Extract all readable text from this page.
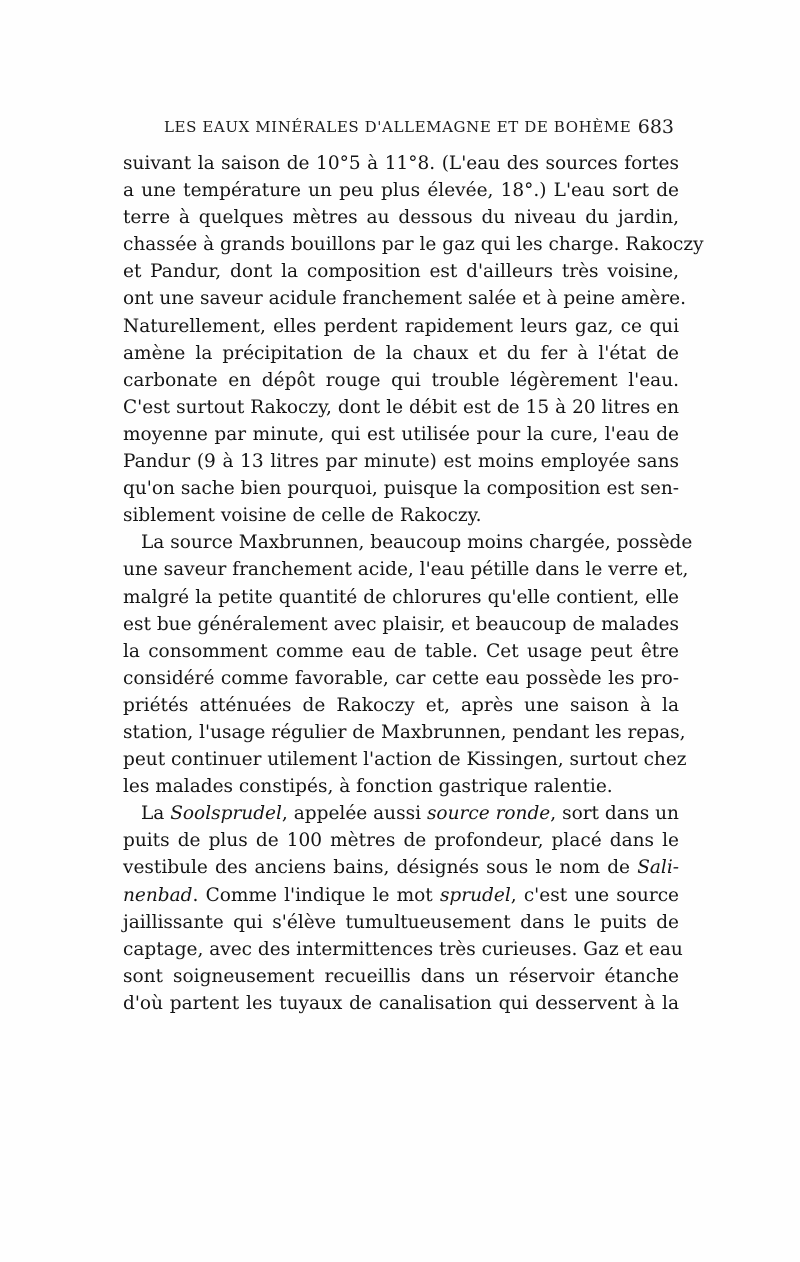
LES EAUX MINÉRALES D'ALLEMAGNE ET DE BOHÈME 683
suivant la saison de 10°5 à 11°8. (L'eau des sources fortes
a une température un peu plus élevée, 18°.) L'eau sort de
terre à quelques mètres au dessous du niveau du jardin,
chassée à grands bouillons par le gaz qui les charge. Rakoczy
et Pandur, dont la composition est d'ailleurs très voisine,
ont une saveur acidule franchement salée et à peine amère.
Naturellement, elles perdent rapidement leurs gaz, ce qui
amène la précipitation de la chaux et du fer à l'état de
carbonate en dépôt rouge qui trouble légèrement l'eau.
C'est surtout Rakoczy, dont le débit est de 15 à 20 litres en
moyenne par minute, qui est utilisée pour la cure, l'eau de
Pandur (9 à 13 litres par minute) est moins employée sans
qu'on sache bien pourquoi, puisque la composition est sen-
siblement voisine de celle de Rakoczy.
La source Maxbrunnen, beaucoup moins chargée, possède
une saveur franchement acide, l'eau pétille dans le verre et,
malgré la petite quantité de chlorures qu'elle contient, elle
est bue généralement avec plaisir, et beaucoup de malades
la consomment comme eau de table. Cet usage peut être
considéré comme favorable, car cette eau possède les pro-
priétés atténuées de Rakoczy et, après une saison à la
station, l'usage régulier de Maxbrunnen, pendant les repas,
peut continuer utilement l'action de Kissingen, surtout chez
les malades constipés, à fonction gastrique ralentie.
La Soolsprudel, appelée aussi source ronde, sort dans un
puits de plus de 100 mètres de profondeur, placé dans le
vestibule des anciens bains, désignés sous le nom de Sali-
nenbad. Comme l'indique le mot sprudel, c'est une source
jaillissante qui s'élève tumultueusement dans le puits de
captage, avec des intermittences très curieuses. Gaz et eau
sont soigneusement recueillis dans un réservoir étanche
d'où partent les tuyaux de canalisation qui desservent à la
